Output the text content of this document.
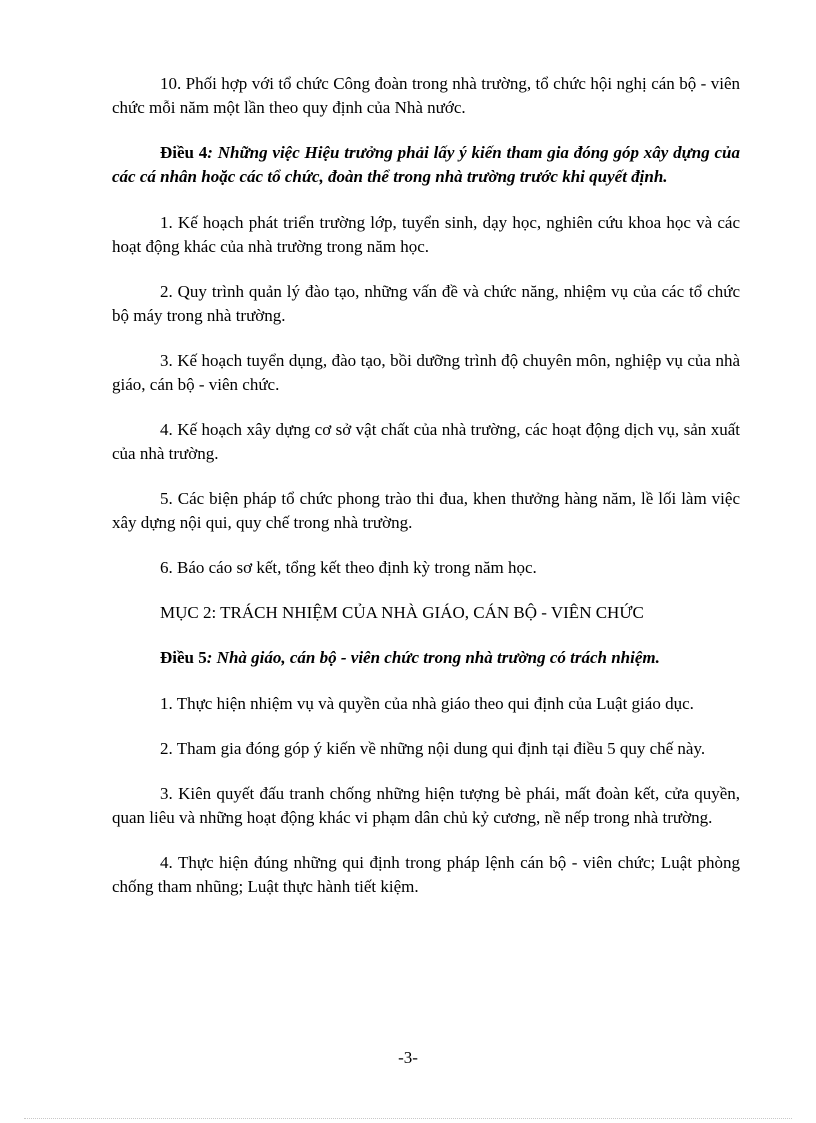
10. Phối hợp với tổ chức Công đoàn trong nhà trường, tổ chức hội nghị cán bộ - viên chức mỗi năm một lần theo quy định của Nhà nước.

Điều 4: Những việc Hiệu trưởng phải lấy ý kiến tham gia đóng góp xây dựng của các cá nhân hoặc các tổ chức, đoàn thể trong nhà trường trước khi quyết định.

1. Kế hoạch phát triển trường lớp, tuyển sinh, dạy học, nghiên cứu khoa học và các hoạt động khác của nhà trường trong năm học.

2. Quy trình quản lý đào tạo, những vấn đề và chức năng, nhiệm vụ của các tổ chức bộ máy trong nhà trường.

3. Kế hoạch tuyển dụng, đào tạo, bồi dưỡng trình độ chuyên môn, nghiệp vụ của nhà giáo, cán bộ - viên chức.

4. Kế hoạch xây dựng cơ sở vật chất của nhà trường, các hoạt động dịch vụ, sản xuất của nhà trường.

5. Các biện pháp tổ chức phong trào thi đua, khen thưởng hàng năm, lề lối làm việc xây dựng nội qui, quy chế trong nhà trường.

6. Báo cáo sơ kết, tổng kết theo định kỳ trong năm học.

MỤC 2: TRÁCH NHIỆM CỦA NHÀ GIÁO, CÁN BỘ - VIÊN CHỨC

Điều 5: Nhà giáo, cán bộ - viên chức trong nhà trường có trách nhiệm.

1. Thực hiện nhiệm vụ và quyền của nhà giáo theo qui định của Luật giáo dục.

2. Tham gia đóng góp ý kiến về những nội dung qui định tại điều 5 quy chế này.

3. Kiên quyết đấu tranh chống những hiện tượng bè phái, mất đoàn kết, cửa quyền, quan liêu và những hoạt động khác vi phạm dân chủ kỷ cương, nề nếp trong nhà trường.

4. Thực hiện đúng những qui định trong pháp lệnh cán bộ - viên chức; Luật phòng chống tham nhũng; Luật thực hành tiết kiệm.

-3-
